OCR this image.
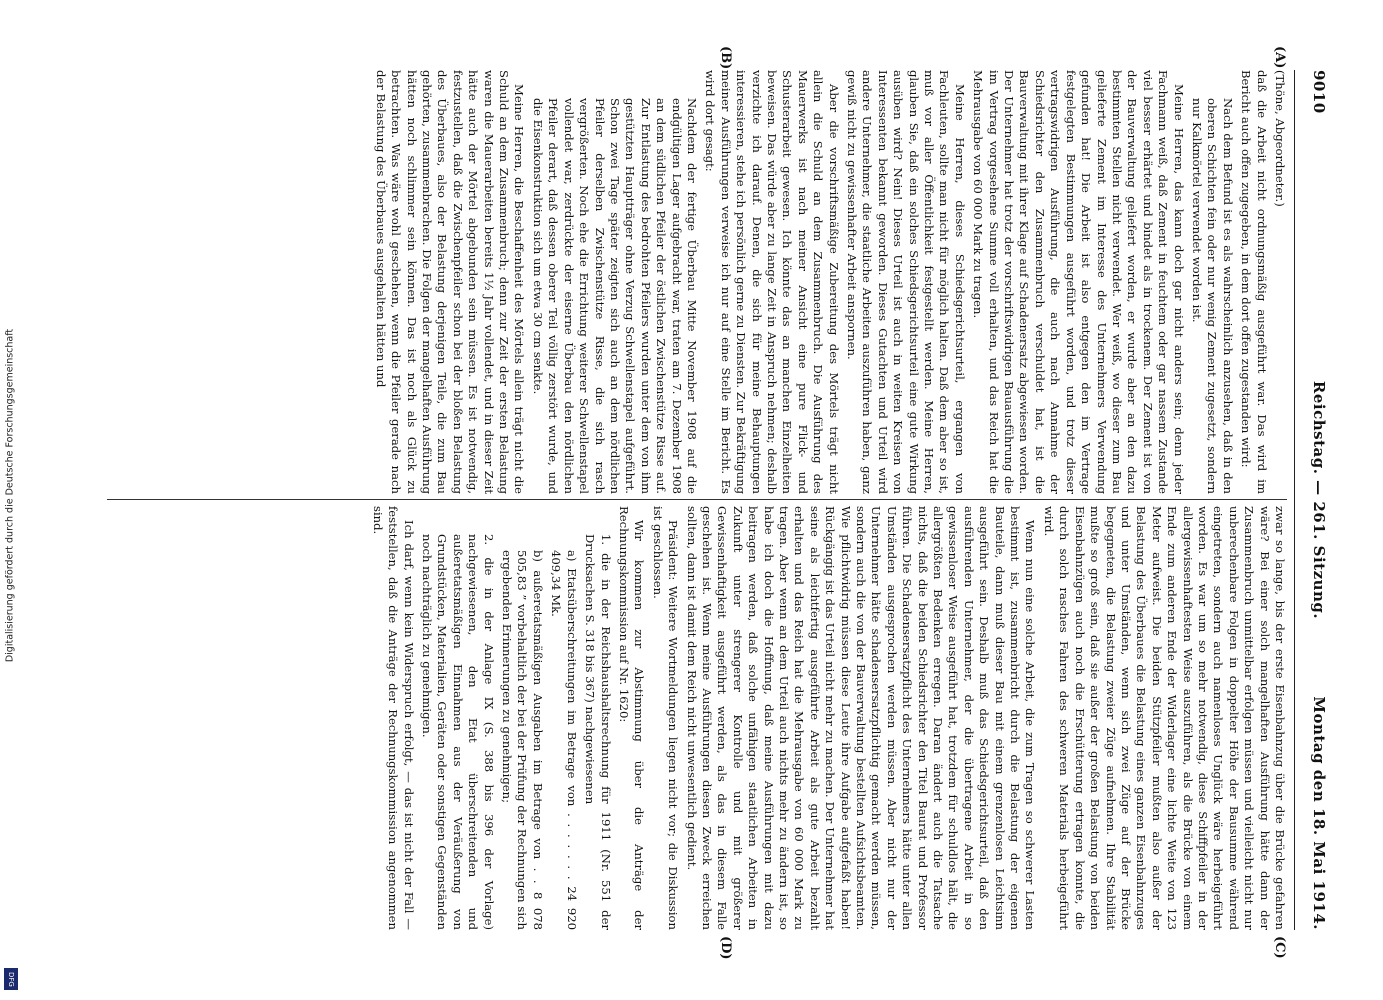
Digitalisierung gefördert durch die Deutsche Forschungsgemeinschaft
DFG
9010
Reichstag. — 261. Sitzung.
Montag den 18. Mai 1914.
(A)
(B)
(C)
(D)

(Thöne, Abgeordneter.)

daß die Arbeit nicht ordnungsmäßig ausgeführt war. Das wird im Bericht auch offen zugegeben, in dem dort offen zugestanden wird:

Nach dem Befund ist es als wahrscheinlich anzusehen, daß in den oberen Schichten fein oder nur wenig Zement zugesetzt, sondern nur Kalkmörtel verwendet worden ist.

Meine Herren, das kann doch gar nicht anders sein; denn jeder Fachmann weiß, daß Zement in feuchtem oder gar nassem Zustande viel besser erhärtet und bindet als in trockenem. Der Zement ist von der Bauverwaltung geliefert worden, er wurde aber an den dazu bestimmten Stellen nicht verwendet. Wer weiß, wo dieser zum Bau gelieferte Zement im Interesse des Unternehmers Verwendung gefunden hat! Die Arbeit ist also entgegen den im Vertrage festgelegten Bestimmungen ausgeführt worden, und trotz dieser vertragswidrigen Ausführung, die auch nach Annahme der Schiedsrichter den Zusammenbruch verschuldet hat, ist die Bauverwaltung mit ihrer Klage auf Schadenersatz abgewiesen worden. Der Unternehmer hat trotz der vorschriftswidrigen Bauausführung die im Vertrag vorgesehene Summe voll erhalten, und das Reich hat die Mehrausgabe von 60 000 Mark zu tragen.

Meine Herren, dieses Schiedsgerichtsurteil, ergangen von Fachleuten, sollte man nicht für möglich halten. Daß dem aber so ist, muß vor aller Öffentlichkeit festgestellt werden. Meine Herren, glauben Sie, daß ein solches Schiedsgerichtsurteil eine gute Wirkung ausüben wird? Nein! Dieses Urteil ist auch in weiten Kreisen von Interessenten bekannt geworden. Dieses Gutachten und Urteil wird andere Unternehmer, die staatliche Arbeiten auszuführen haben, ganz gewiß nicht zu gewissenhafter Arbeit anspornen.

Aber die vorschriftsmäßige Zubereitung des Mörtels trägt nicht allein die Schuld an dem Zusammenbruch. Die Ausführung des Mauerwerks ist nach meiner Ansicht eine pure Flick- und Schusterarbeit gewesen. Ich könnte das an manchen Einzelheiten beweisen. Das würde aber zu lange Zeit in Anspruch nehmen; deshalb verzichte ich darauf. Denen, die sich für meine Behauptungen interessieren, stehe ich persönlich gerne zu Diensten. Zur Bekräftigung meiner Ausführungen verweise ich nur auf eine Stelle im Bericht. Es wird dort gesagt:

Nachdem der fertige Überbau Mitte November 1908 auf die endgültigen Lager aufgebracht war, traten am 7. Dezember 1908 an dem südlichen Pfeiler der östlichen Zwischenstütze Risse auf. Zur Entlastung des bedrohten Pfeilers wurden unter dem von ihm gestützten Hauptträger ohne Verzug Schwellenstapel aufgeführt. Schon zwei Tage später zeigten sich auch an dem nördlichen Pfeiler derselben Zwischenstütze Risse, die sich rasch vergrößerten. Noch ehe die Errichtung weiterer Schwellenstapel vollendet war, zerdrückte der eiserne Überbau den nördlichen Pfeiler derart, daß dessen oberer Teil völlig zerstört wurde, und die Eisenkonstruktion sich um etwa 30 cm senkte.

Meine Herren, die Beschaffenheit des Mörtels allein trägt nicht die Schuld an dem Zusammenbruch; denn zur Zeit der ersten Belastung waren die Mauerarbeiten bereits 1½ Jahr vollendet, und in dieser Zeit hätte auch der Mörtel abgebunden sein müssen. Es ist notwendig, festzustellen, daß die Zwischenpfeiler schon bei der bloßen Belastung des Überbaues, also der Belastung derjenigen Teile, die zum Bau gehörten, zusammenbrachen. Die Folgen der mangelhaften Ausführung hätten noch schlimmer sein können. Das ist noch als Glück zu betrachten. Was wäre wohl geschehen, wenn die Pfeiler gerade nach der Belastung des Überbaues ausgehalten hätten und

zwar so lange, bis der erste Eisenbahnzug über die Brücke gefahren wäre? Bei einer solch mangelhaften Ausführung hätte dann der Zusammenbruch unmittelbar erfolgen müssen und vielleicht nicht nur unberechenbare Folgen in doppelter Höhe der Bausumme während eingetreten, sondern auch namenloses Unglück wäre herbeigeführt worden. Es war um so mehr notwendig, diese Schiffpfeiler in der allergewissenhaftesten Weise auszuführen, als die Brücke von einem Ende zum anderen Ende der Widerlager eine lichte Weite von 123 Meter aufweist. Die beiden Stützpfeiler mußten also außer der Belastung des Überbaues die Belastung eines ganzen Eisenbahnzuges und unter Umständen, wenn sich zwei Züge auf der Brücke begegneten, die Belastung zweier Züge aufnehmen. Ihre Stabilität mußte so groß sein, daß sie außer der großen Belastung von beiden Eisenbahnzügen auch noch die Erschütterung ertragen konnte, die durch solch rasches Fahren des schweren Materials herbeigeführt wird.

Wenn nun eine solche Arbeit, die zum Tragen so schwerer Lasten bestimmt ist, zusammenbricht durch die Belastung der eigenen Bauteile, dann muß dieser Bau mit einem grenzenlosen Leichtsinn ausgeführt sein. Deshalb muß das Schiedsgerichtsurteil, daß den ausführenden Unternehmer, der die übertragene Arbeit in so gewissenloser Weise ausgeführt hat, trotzdem für schuldlos hält, die allergrößten Bedenken erregen. Daran ändert auch die Tatsache nichts, daß die beiden Schiedsrichter den Titel Baurat und Professor führen. Die Schadensersatzpflicht des Unternehmers hätte unter allen Umständen ausgesprochen werden müssen. Aber nicht nur der Unternehmer hätte schadensersatzpflichtig gemacht werden müssen, sondern auch die von der Bauverwaltung bestellten Aufsichtsbeamten. Wie pflichtwidrig müssen diese Leute ihre Aufgabe aufgefaßt haben! Rückgängig ist das Urteil nicht mehr zu machen. Der Unternehmer hat seine als leichtfertig ausgeführte Arbeit als gute Arbeit bezahlt erhalten und das Reich hat die Mehrausgabe von 60 000 Mark zu tragen. Aber wenn an dem Urteil auch nichts mehr zu ändern ist, so habe ich doch die Hoffnung, daß meine Ausführungen mit dazu beitragen werden, daß solche unfähigen staatlichen Arbeiten in Zukunft unter strengerer Kontrolle und mit größerer Gewissenhaftigkeit ausgeführt werden, als das in diesem Falle geschehen ist. Wenn meine Ausführungen diesen Zweck erreichen sollten, dann ist damit dem Reich nicht unwesentlich gedient.

Präsident: Weitere Wortmeldungen liegen nicht vor; die Diskussion ist geschlossen.

Wir kommen zur Abstimmung über die Anträge der Rechnungskommission auf Nr. 1620:

1. die in der Reichshaushaltsrechnung für 1911 (Nr. 551 der Drucksachen S. 318 bis 367) nachgewiesenen

a) Etatsüberschreitungen im Betrage von . . . . . . . 24 920 409,34 Mk.

b) außeretatsmäßigen Ausgaben im Betrage von . . 8 078 505,83 ” vorbehaltlich der bei der Prüfung der Rechnungen sich ergebenden Erinnerungen zu genehmigen;

2. die in der Anlage IX (S. 388 bis 396 der Vorlage) nachgewiesenen, den Etat überschreitenden und außeretatsmäßigen Einnahmen aus der Veräußerung von Grundstücken, Materialien, Geräten oder sonstigen Gegenständen noch nachträglich zu genehmigen.

Ich darf, wenn kein Widerspruch erfolgt, — das ist nicht der Fall — feststellen, daß die Anträge der Rechnungskommission angenommen sind.
